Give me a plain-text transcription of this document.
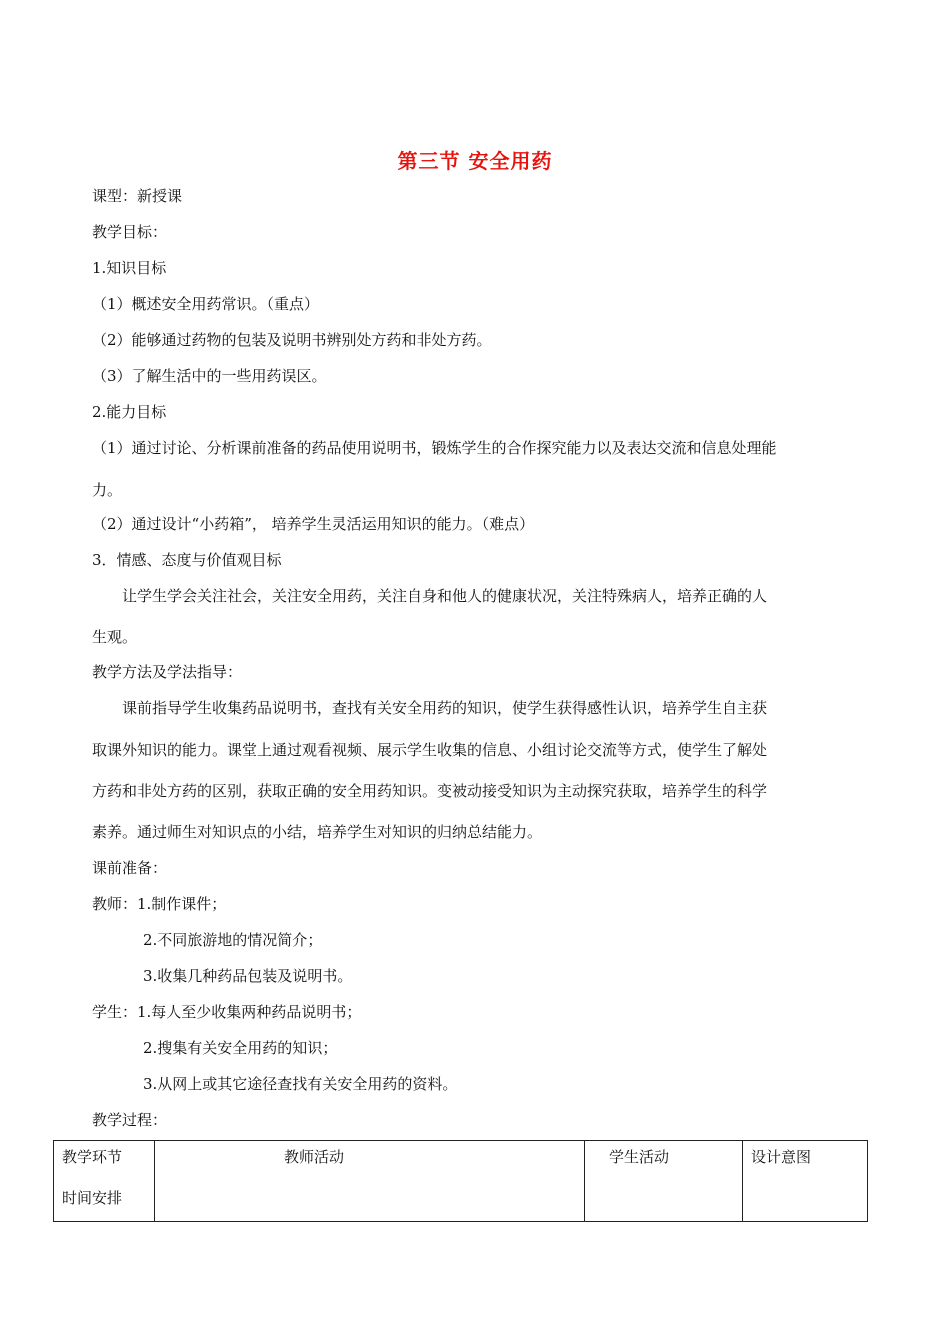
第三节 安全用药
课型：新授课
教学目标：
1.知识目标
（1）概述安全用药常识。（重点）
（2）能够通过药物的包装及说明书辨别处方药和非处方药。
（3）了解生活中的一些用药误区。
2.能力目标
（1）通过讨论、分析课前准备的药品使用说明书，锻炼学生的合作探究能力以及表达交流和信息处理能
力。
（2）通过设计“小药箱”， 培养学生灵活运用知识的能力。（难点）
3．情感、态度与价值观目标
让学生学会关注社会，关注安全用药，关注自身和他人的健康状况，关注特殊病人，培养正确的人
生观。
教学方法及学法指导：
课前指导学生收集药品说明书，查找有关安全用药的知识，使学生获得感性认识，培养学生自主获
取课外知识的能力。课堂上通过观看视频、展示学生收集的信息、小组讨论交流等方式，使学生了解处
方药和非处方药的区别，获取正确的安全用药知识。变被动接受知识为主动探究获取，培养学生的科学
素养。通过师生对知识点的小结，培养学生对知识的归纳总结能力。
课前准备：
教师：1.制作课件；
2.不同旅游地的情况简介；
3.收集几种药品包装及说明书。
学生：1.每人至少收集两种药品说明书；
2.搜集有关安全用药的知识；
3.从网上或其它途径查找有关安全用药的资料。
教学过程：
教学环节
时间安排
教师活动	学生活动	设计意图
